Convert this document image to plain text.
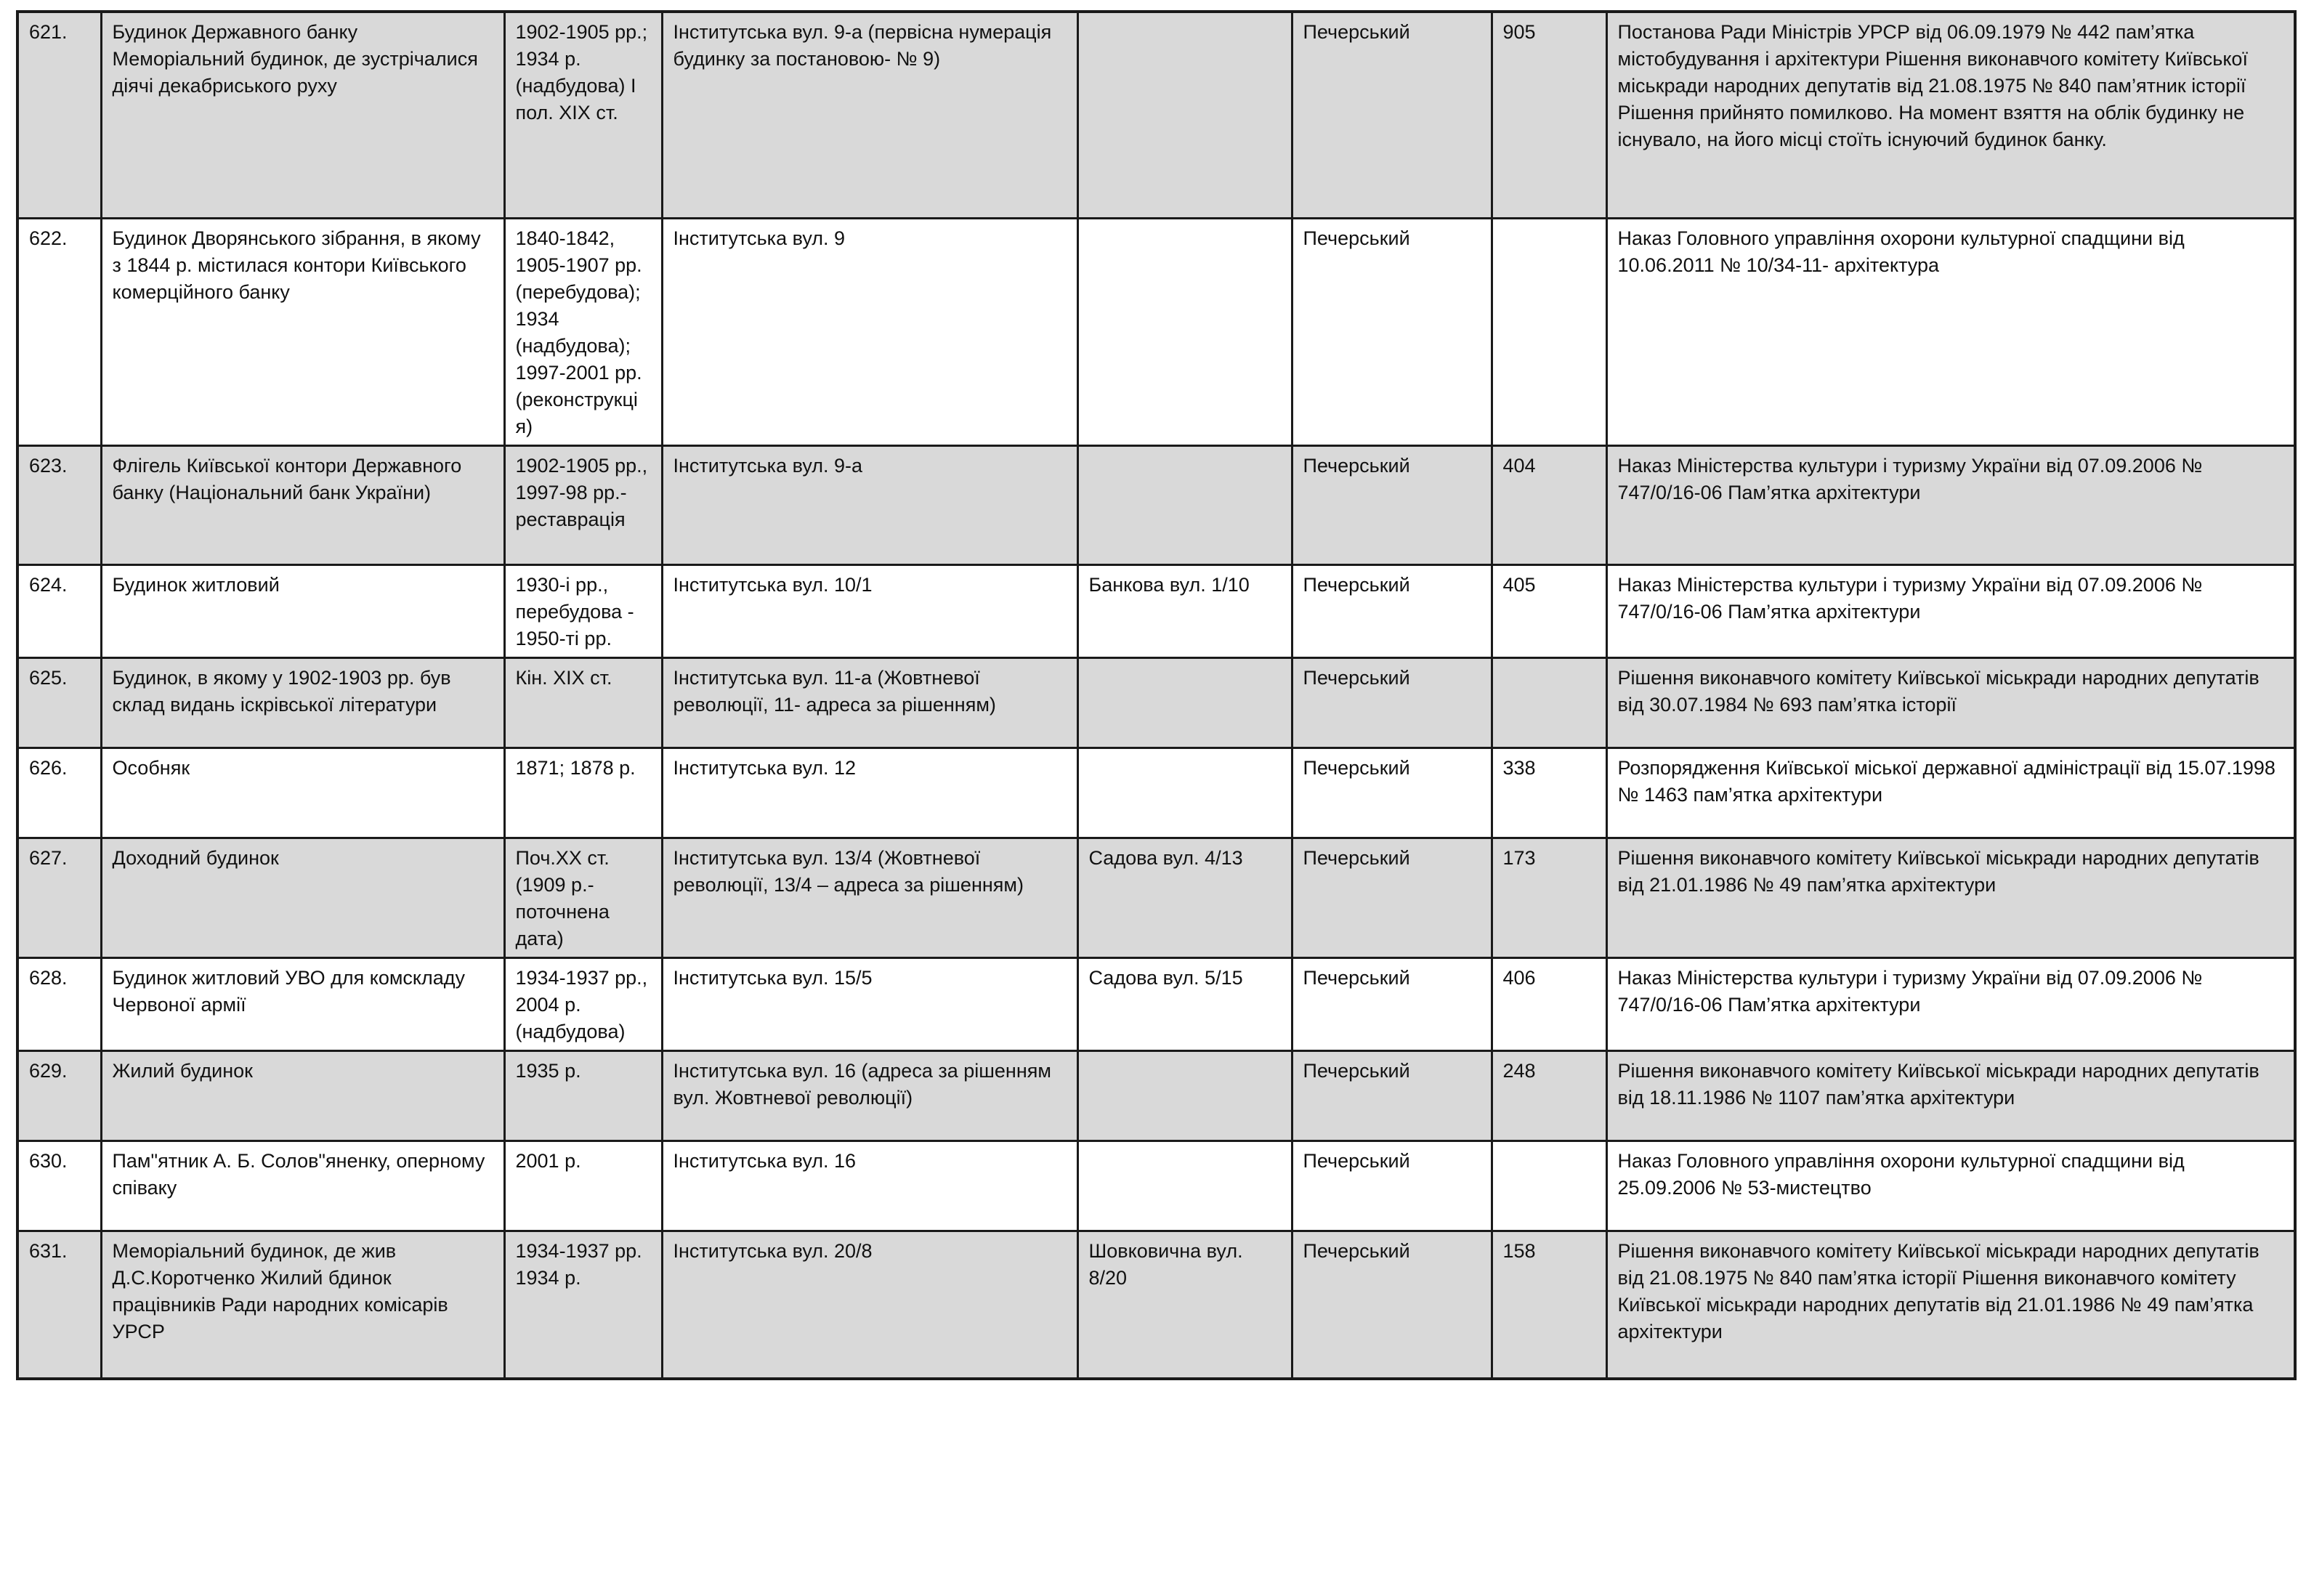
621.	Будинок Державного банку Меморіальний будинок, де зустрічалися діячі декабриського руху	1902-1905 рр.; 1934 р. (надбудова) І пол. ХІХ ст.	Інститутська вул. 9-а (первісна нумерація будинку за постановою- № 9)		Печерський	905	Постанова Ради Міністрів УРСР від 06.09.1979 № 442 пам’ятка містобудування і архітектури Рішення виконавчого комітету Київської міськради народних депутатів від 21.08.1975 № 840 пам’ятник історії Рішення прийнято помилково. На момент взяття на облік будинку не існувало, на його місці стоїть існуючий будинок банку.
622.	Будинок Дворянського зібрання, в якому з 1844 р. містилася контори Київського комерційного банку	1840-1842, 1905-1907 рр. (перебудова); 1934 (надбудова); 1997-2001 рр. (реконструкці я)	Інститутська вул. 9		Печерський		Наказ Головного управління охорони культурної спадщини від 10.06.2011 № 10/34-11- архітектура
623.	Флігель Київської контори Державного банку (Національний банк України)	1902-1905 рр., 1997-98 рр.- реставрація	Інститутська вул. 9-а		Печерський	404	Наказ Міністерства культури і туризму України від 07.09.2006 № 747/0/16-06 Пам’ятка архітектури
624.	Будинок житловий	1930-і рр., перебудова - 1950-ті рр.	Інститутська вул. 10/1	Банкова вул. 1/10	Печерський	405	Наказ Міністерства культури і туризму України від 07.09.2006 № 747/0/16-06 Пам’ятка архітектури
625.	Будинок, в якому у 1902-1903 рр. був склад видань іскрівської літератури	Кін. ХІХ ст.	Інститутська вул. 11-а (Жовтневої революції, 11- адреса за рішенням)		Печерський		Рішення виконавчого комітету Київської міськради народних депутатів від 30.07.1984 № 693 пам’ятка історії
626.	Особняк	1871; 1878 р.	Інститутська вул. 12		Печерський	338	Розпорядження Київської міської державної адміністрації від 15.07.1998 № 1463 пам’ятка архітектури
627.	Доходний будинок	Поч.ХХ ст. (1909 р.- поточнена дата)	Інститутська вул. 13/4 (Жовтневої революції, 13/4 – адреса за рішенням)	Садова вул. 4/13	Печерський	173	Рішення виконавчого комітету Київської міськради народних депутатів від 21.01.1986 № 49 пам’ятка архітектури
628.	Будинок житловий УВО для комскладу Червоної армії	1934-1937 рр., 2004 р. (надбудова)	Інститутська вул. 15/5	Садова вул. 5/15	Печерський	406	Наказ Міністерства культури і туризму України від 07.09.2006 № 747/0/16-06 Пам’ятка архітектури
629.	Жилий будинок	1935 р.	Інститутська вул. 16 (адреса за рішенням вул. Жовтневої революції)		Печерський	248	Рішення виконавчого комітету Київської міськради народних депутатів від 18.11.1986 № 1107 пам’ятка архітектури
630.	Пам"ятник А. Б. Солов"яненку, оперному співаку	2001 р.	Інститутська вул. 16		Печерський		Наказ Головного управління охорони культурної спадщини від 25.09.2006 № 53-мистецтво
631.	Меморіальний будинок, де жив Д.С.Коротченко Жилий бдинок працівників Ради народних комісарів УРСР	1934-1937 рр. 1934 р.	Інститутська вул. 20/8	Шовковична вул. 8/20	Печерський	158	Рішення виконавчого комітету Київської міськради народних депутатів від 21.08.1975 № 840 пам’ятка історії Рішення виконавчого комітету Київської міськради народних депутатів від 21.01.1986 № 49 пам’ятка архітектури
